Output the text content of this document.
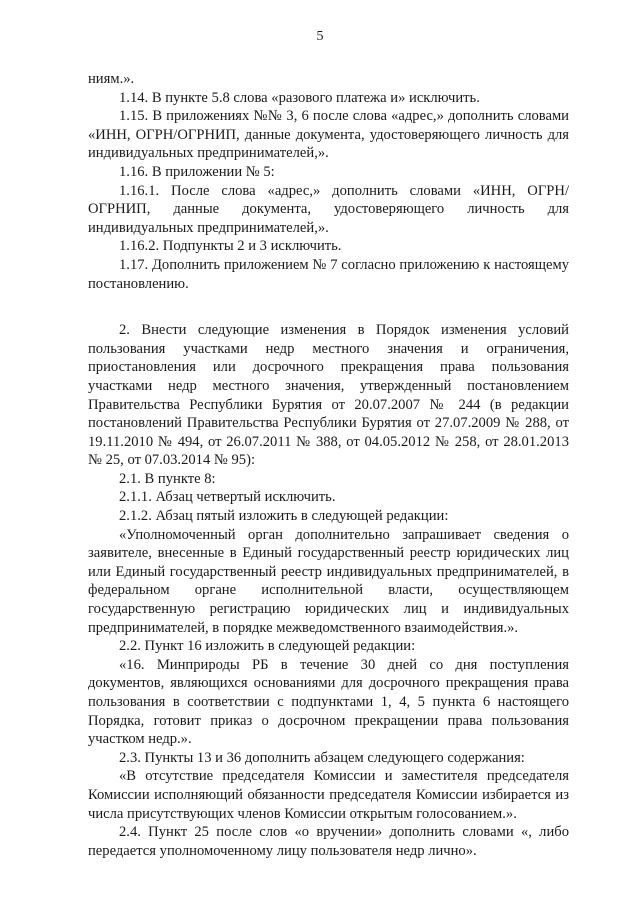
5

ниям.».

1.14. В пункте 5.8 слова «разового платежа и» исключить.

1.15. В приложениях №№ 3, 6 после слова «адрес,» дополнить словами «ИНН, ОГРН/ОГРНИП, данные документа, удостоверяющего личность для индивидуальных предпринимателей,».

1.16. В приложении № 5:

1.16.1. После слова «адрес,» дополнить словами «ИНН, ОГРН/ОГРНИП, данные документа, удостоверяющего личность для индивидуальных предпринимателей,».

1.16.2. Подпункты 2 и 3 исключить.

1.17. Дополнить приложением № 7 согласно приложению к настоящему постановлению.

2. Внести следующие изменения в Порядок изменения условий пользования участками недр местного значения и ограничения, приостановления или досрочного прекращения права пользования участками недр местного значения, утвержденный постановлением Правительства Республики Бурятия от 20.07.2007 № 244 (в редакции постановлений Правительства Республики Бурятия от 27.07.2009 № 288, от 19.11.2010 № 494, от 26.07.2011 № 388, от 04.05.2012 № 258, от 28.01.2013 № 25, от 07.03.2014 № 95):

2.1. В пункте 8:

2.1.1. Абзац четвертый исключить.

2.1.2. Абзац пятый изложить в следующей редакции:

«Уполномоченный орган дополнительно запрашивает сведения о заявителе, внесенные в Единый государственный реестр юридических лиц или Единый государственный реестр индивидуальных предпринимателей, в федеральном органе исполнительной власти, осуществляющем государственную регистрацию юридических лиц и индивидуальных предпринимателей, в порядке межведомственного взаимодействия.».

2.2. Пункт 16 изложить в следующей редакции:

«16. Минприроды РБ в течение 30 дней со дня поступления документов, являющихся основаниями для досрочного прекращения права пользования в соответствии с подпунктами 1, 4, 5 пункта 6 настоящего Порядка, готовит приказ о досрочном прекращении права пользования участком недр.».

2.3. Пункты 13 и 36 дополнить абзацем следующего содержания:

«В отсутствие председателя Комиссии и заместителя председателя Комиссии исполняющий обязанности председателя Комиссии избирается из числа присутствующих членов Комиссии открытым голосованием.».

2.4. Пункт 25 после слов «о вручении» дополнить словами «, либо передается уполномоченному лицу пользователя недр лично».
